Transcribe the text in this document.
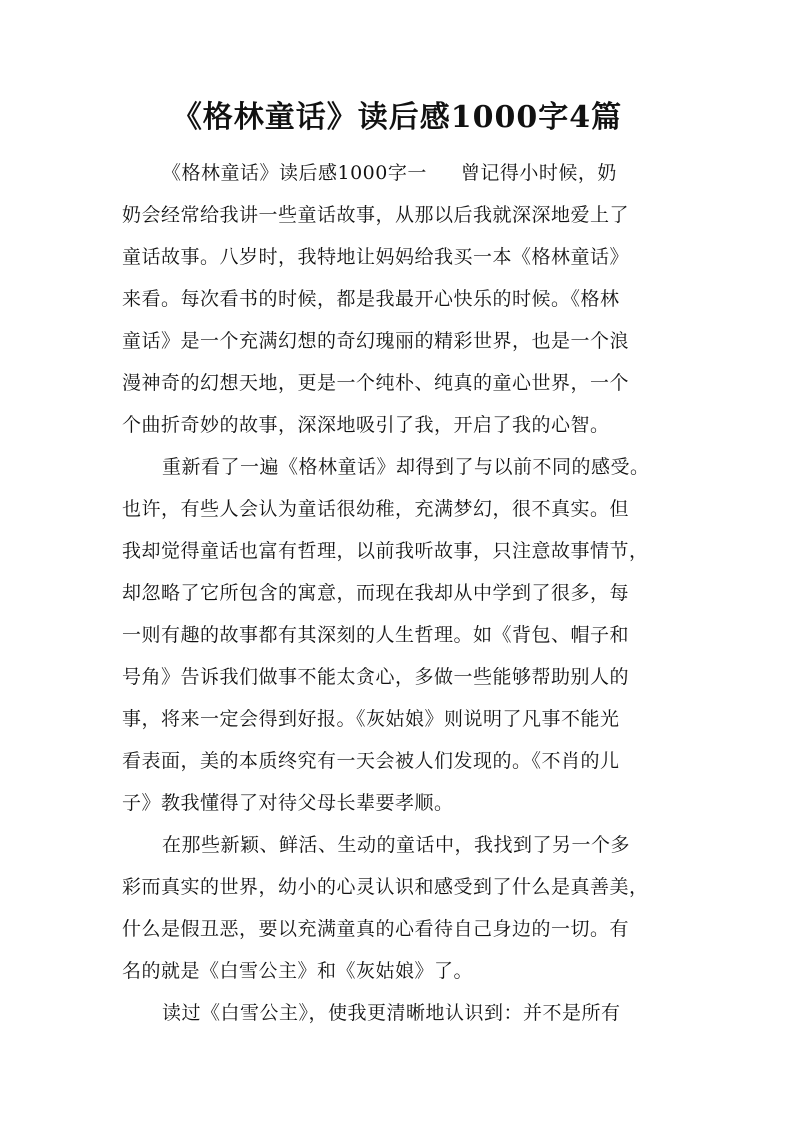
《格林童话》读后感1000字4篇
《格林童话》读后感1000字一 曾记得小时候，奶
奶会经常给我讲一些童话故事，从那以后我就深深地爱上了
童话故事。八岁时，我特地让妈妈给我买一本《格林童话》
来看。每次看书的时候，都是我最开心快乐的时候。《格林
童话》是一个充满幻想的奇幻瑰丽的精彩世界，也是一个浪
漫神奇的幻想天地，更是一个纯朴、纯真的童心世界，一个
个曲折奇妙的故事，深深地吸引了我，开启了我的心智。
重新看了一遍《格林童话》却得到了与以前不同的感受。
也许，有些人会认为童话很幼稚，充满梦幻，很不真实。但
我却觉得童话也富有哲理，以前我听故事，只注意故事情节，
却忽略了它所包含的寓意，而现在我却从中学到了很多，每
一则有趣的故事都有其深刻的人生哲理。如《背包、帽子和
号角》告诉我们做事不能太贪心，多做一些能够帮助别人的
事，将来一定会得到好报。《灰姑娘》则说明了凡事不能光
看表面，美的本质终究有一天会被人们发现的。《不肖的儿
子》教我懂得了对待父母长辈要孝顺。
在那些新颖、鲜活、生动的童话中，我找到了另一个多
彩而真实的世界，幼小的心灵认识和感受到了什么是真善美，
什么是假丑恶，要以充满童真的心看待自己身边的一切。有
名的就是《白雪公主》和《灰姑娘》了。
读过《白雪公主》，使我更清晰地认识到：并不是所有
